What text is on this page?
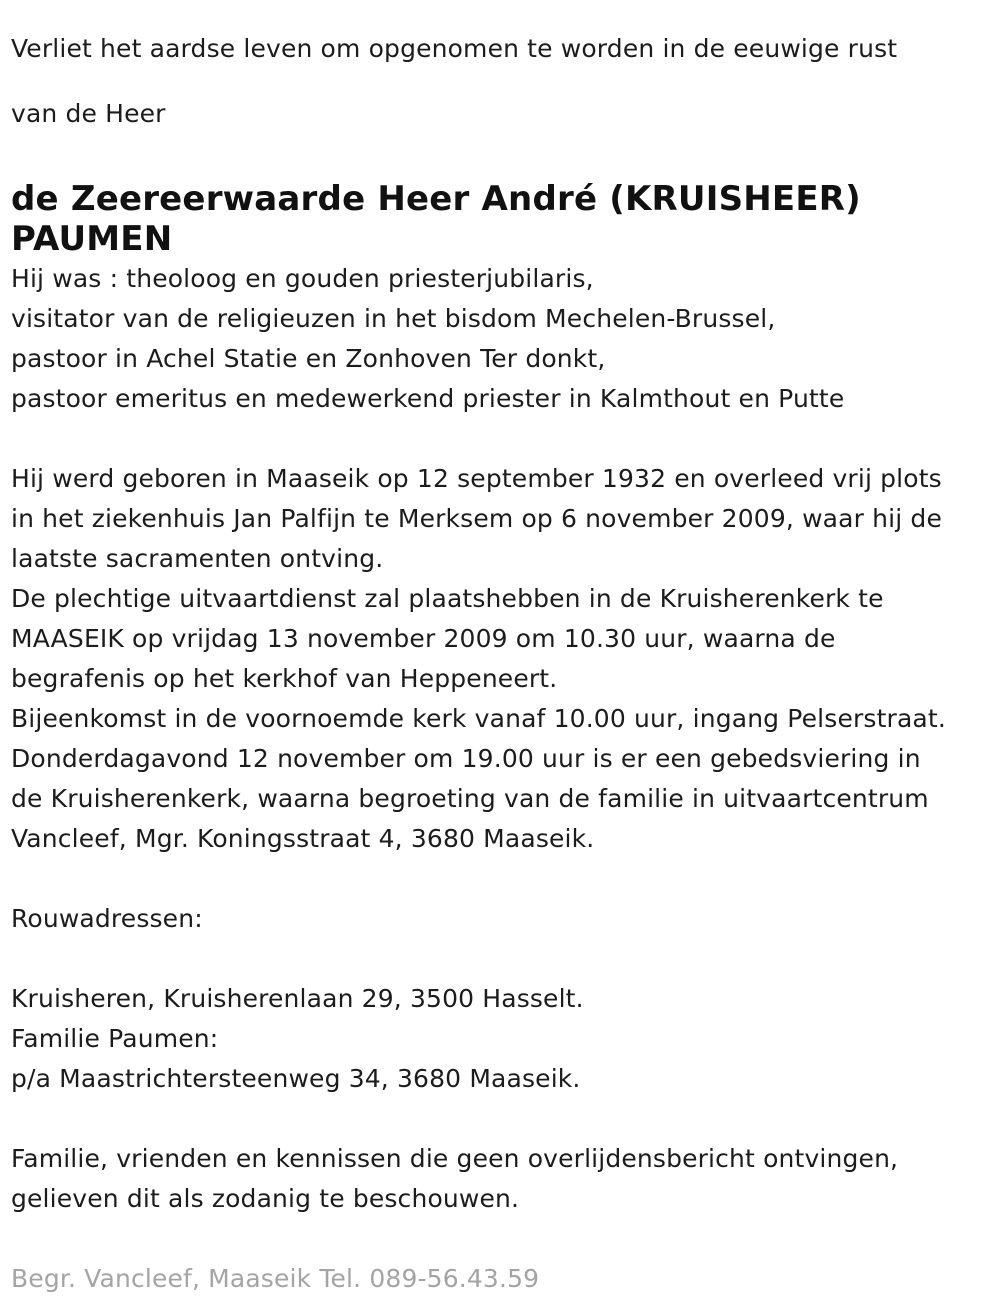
Verliet het aardse leven om opgenomen te worden in de eeuwige rust

van de Heer

de Zeereerwaarde Heer André (KRUISHEER)
PAUMEN

Hij was : theoloog en gouden priesterjubilaris,

visitator van de religieuzen in het bisdom Mechelen-Brussel,

pastoor in Achel Statie en Zonhoven Ter donkt,

pastoor emeritus en medewerkend priester in Kalmthout en Putte

Hij werd geboren in Maaseik op 12 september 1932 en overleed vrij plots

in het ziekenhuis Jan Palfijn te Merksem op 6 november 2009, waar hij de

laatste sacramenten ontving.

De plechtige uitvaartdienst zal plaatshebben in de Kruisherenkerk te

MAASEIK op vrijdag 13 november 2009 om 10.30 uur, waarna de

begrafenis op het kerkhof van Heppeneert.

Bijeenkomst in de voornoemde kerk vanaf 10.00 uur, ingang Pelserstraat.

Donderdagavond 12 november om 19.00 uur is er een gebedsviering in

de Kruisherenkerk, waarna begroeting van de familie in uitvaartcentrum

Vancleef, Mgr. Koningsstraat 4, 3680 Maaseik.

Rouwadressen:

Kruisheren, Kruisherenlaan 29, 3500 Hasselt.

Familie Paumen:

p/a Maastrichtersteenweg 34, 3680 Maaseik.

Familie, vrienden en kennissen die geen overlijdensbericht ontvingen,

gelieven dit als zodanig te beschouwen.

Begr. Vancleef, Maaseik Tel. 089-56.43.59
